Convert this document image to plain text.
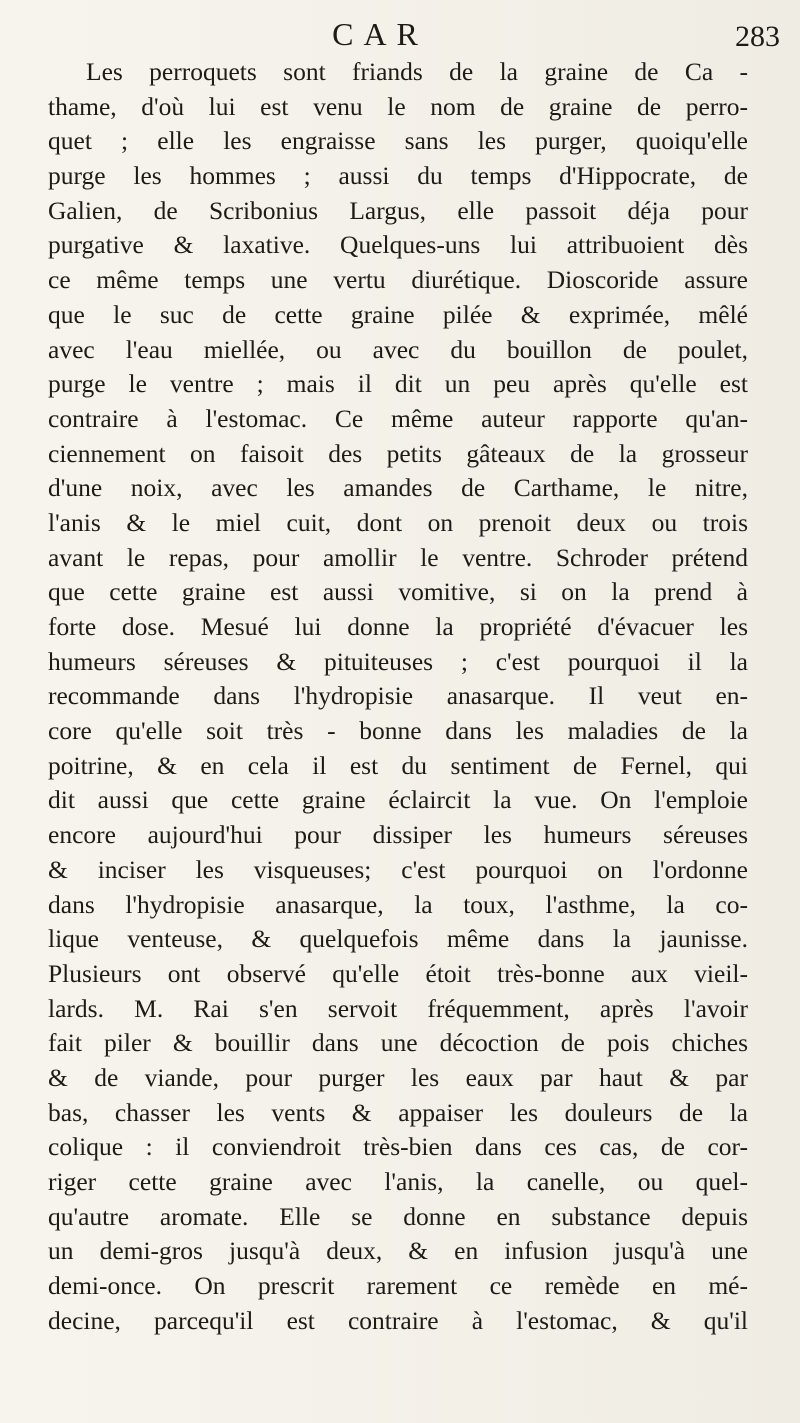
CAR	283
Les perroquets sont friands de la graine de Ca -
thame, d'où lui est venu le nom de graine de perro-
quet ; elle les engraisse sans les purger, quoiqu'elle
purge les hommes ; aussi du temps d'Hippocrate, de
Galien, de Scribonius Largus, elle passoit déja pour
purgative & laxative. Quelques-uns lui attribuoient dès
ce même temps une vertu diurétique. Dioscoride assure
que le suc de cette graine pilée & exprimée, mêlé
avec l'eau miellée, ou avec du bouillon de poulet,
purge le ventre ; mais il dit un peu après qu'elle est
contraire à l'estomac. Ce même auteur rapporte qu'an-
ciennement on faisoit des petits gâteaux de la grosseur
d'une noix, avec les amandes de Carthame, le nitre,
l'anis & le miel cuit, dont on prenoit deux ou trois
avant le repas, pour amollir le ventre. Schroder prétend
que cette graine est aussi vomitive, si on la prend à
forte dose. Mesué lui donne la propriété d'évacuer les
humeurs séreuses & pituiteuses ; c'est pourquoi il la
recommande dans l'hydropisie anasarque. Il veut en-
core qu'elle soit très - bonne dans les maladies de la
poitrine, & en cela il est du sentiment de Fernel, qui
dit aussi que cette graine éclaircit la vue. On l'emploie
encore aujourd'hui pour dissiper les humeurs séreuses
& inciser les visqueuses; c'est pourquoi on l'ordonne
dans l'hydropisie anasarque, la toux, l'asthme, la co-
lique venteuse, & quelquefois même dans la jaunisse.
Plusieurs ont observé qu'elle étoit très-bonne aux vieil-
lards. M. Rai s'en servoit fréquemment, après l'avoir
fait piler & bouillir dans une décoction de pois chiches
& de viande, pour purger les eaux par haut & par
bas, chasser les vents & appaiser les douleurs de la
colique : il conviendroit très-bien dans ces cas, de cor-
riger cette graine avec l'anis, la canelle, ou quel-
qu'autre aromate. Elle se donne en substance depuis
un demi-gros jusqu'à deux, & en infusion jusqu'à une
demi-once. On prescrit rarement ce remède en mé-
decine, parcequ'il est contraire à l'estomac, & qu'il
